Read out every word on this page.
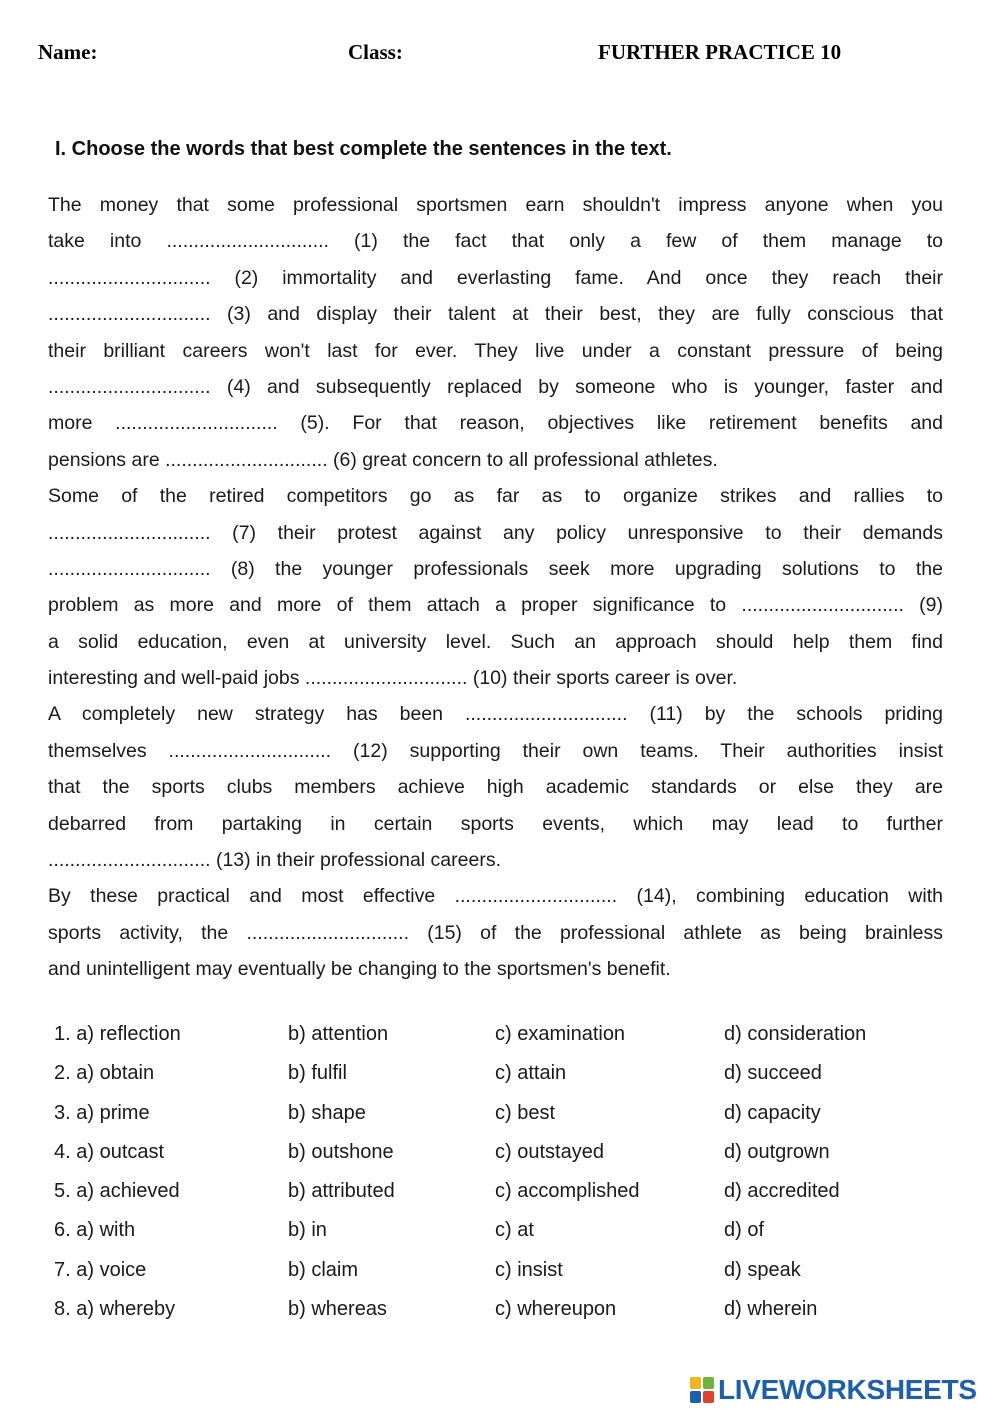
Name:	Class:	FURTHER PRACTICE 10
I. Choose the words that best complete the sentences in the text.
The money that some professional sportsmen earn shouldn't impress anyone when you
take into .............................. (1) the fact that only a few of them manage to
.............................. (2) immortality and everlasting fame. And once they reach their
.............................. (3) and display their talent at their best, they are fully conscious that
their brilliant careers won't last for ever. They live under a constant pressure of being
.............................. (4) and subsequently replaced by someone who is younger, faster and
more .............................. (5). For that reason, objectives like retirement benefits and
pensions are .............................. (6) great concern to all professional athletes.
Some of the retired competitors go as far as to organize strikes and rallies to
.............................. (7) their protest against any policy unresponsive to their demands
.............................. (8) the younger professionals seek more upgrading solutions to the
problem as more and more of them attach a proper significance to .............................. (9)
a solid education, even at university level. Such an approach should help them find
interesting and well-paid jobs .............................. (10) their sports career is over.
A completely new strategy has been .............................. (11) by the schools priding
themselves .............................. (12) supporting their own teams. Their authorities insist
that the sports clubs members achieve high academic standards or else they are
debarred from partaking in certain sports events, which may lead to further
.............................. (13) in their professional careers.
By these practical and most effective .............................. (14), combining education with
sports activity, the .............................. (15) of the professional athlete as being brainless
and unintelligent may eventually be changing to the sportsmen's benefit.
1. a) reflection	b) attention	c) examination	d) consideration
2. a) obtain	b) fulfil	c) attain	d) succeed
3. a) prime	b) shape	c) best	d) capacity
4. a) outcast	b) outshone	c) outstayed	d) outgrown
5. a) achieved	b) attributed	c) accomplished	d) accredited
6. a) with	b) in	c) at	d) of
7. a) voice	b) claim	c) insist	d) speak
8. a) whereby	b) whereas	c) whereupon	d) wherein
LIVEWORKSHEETS
